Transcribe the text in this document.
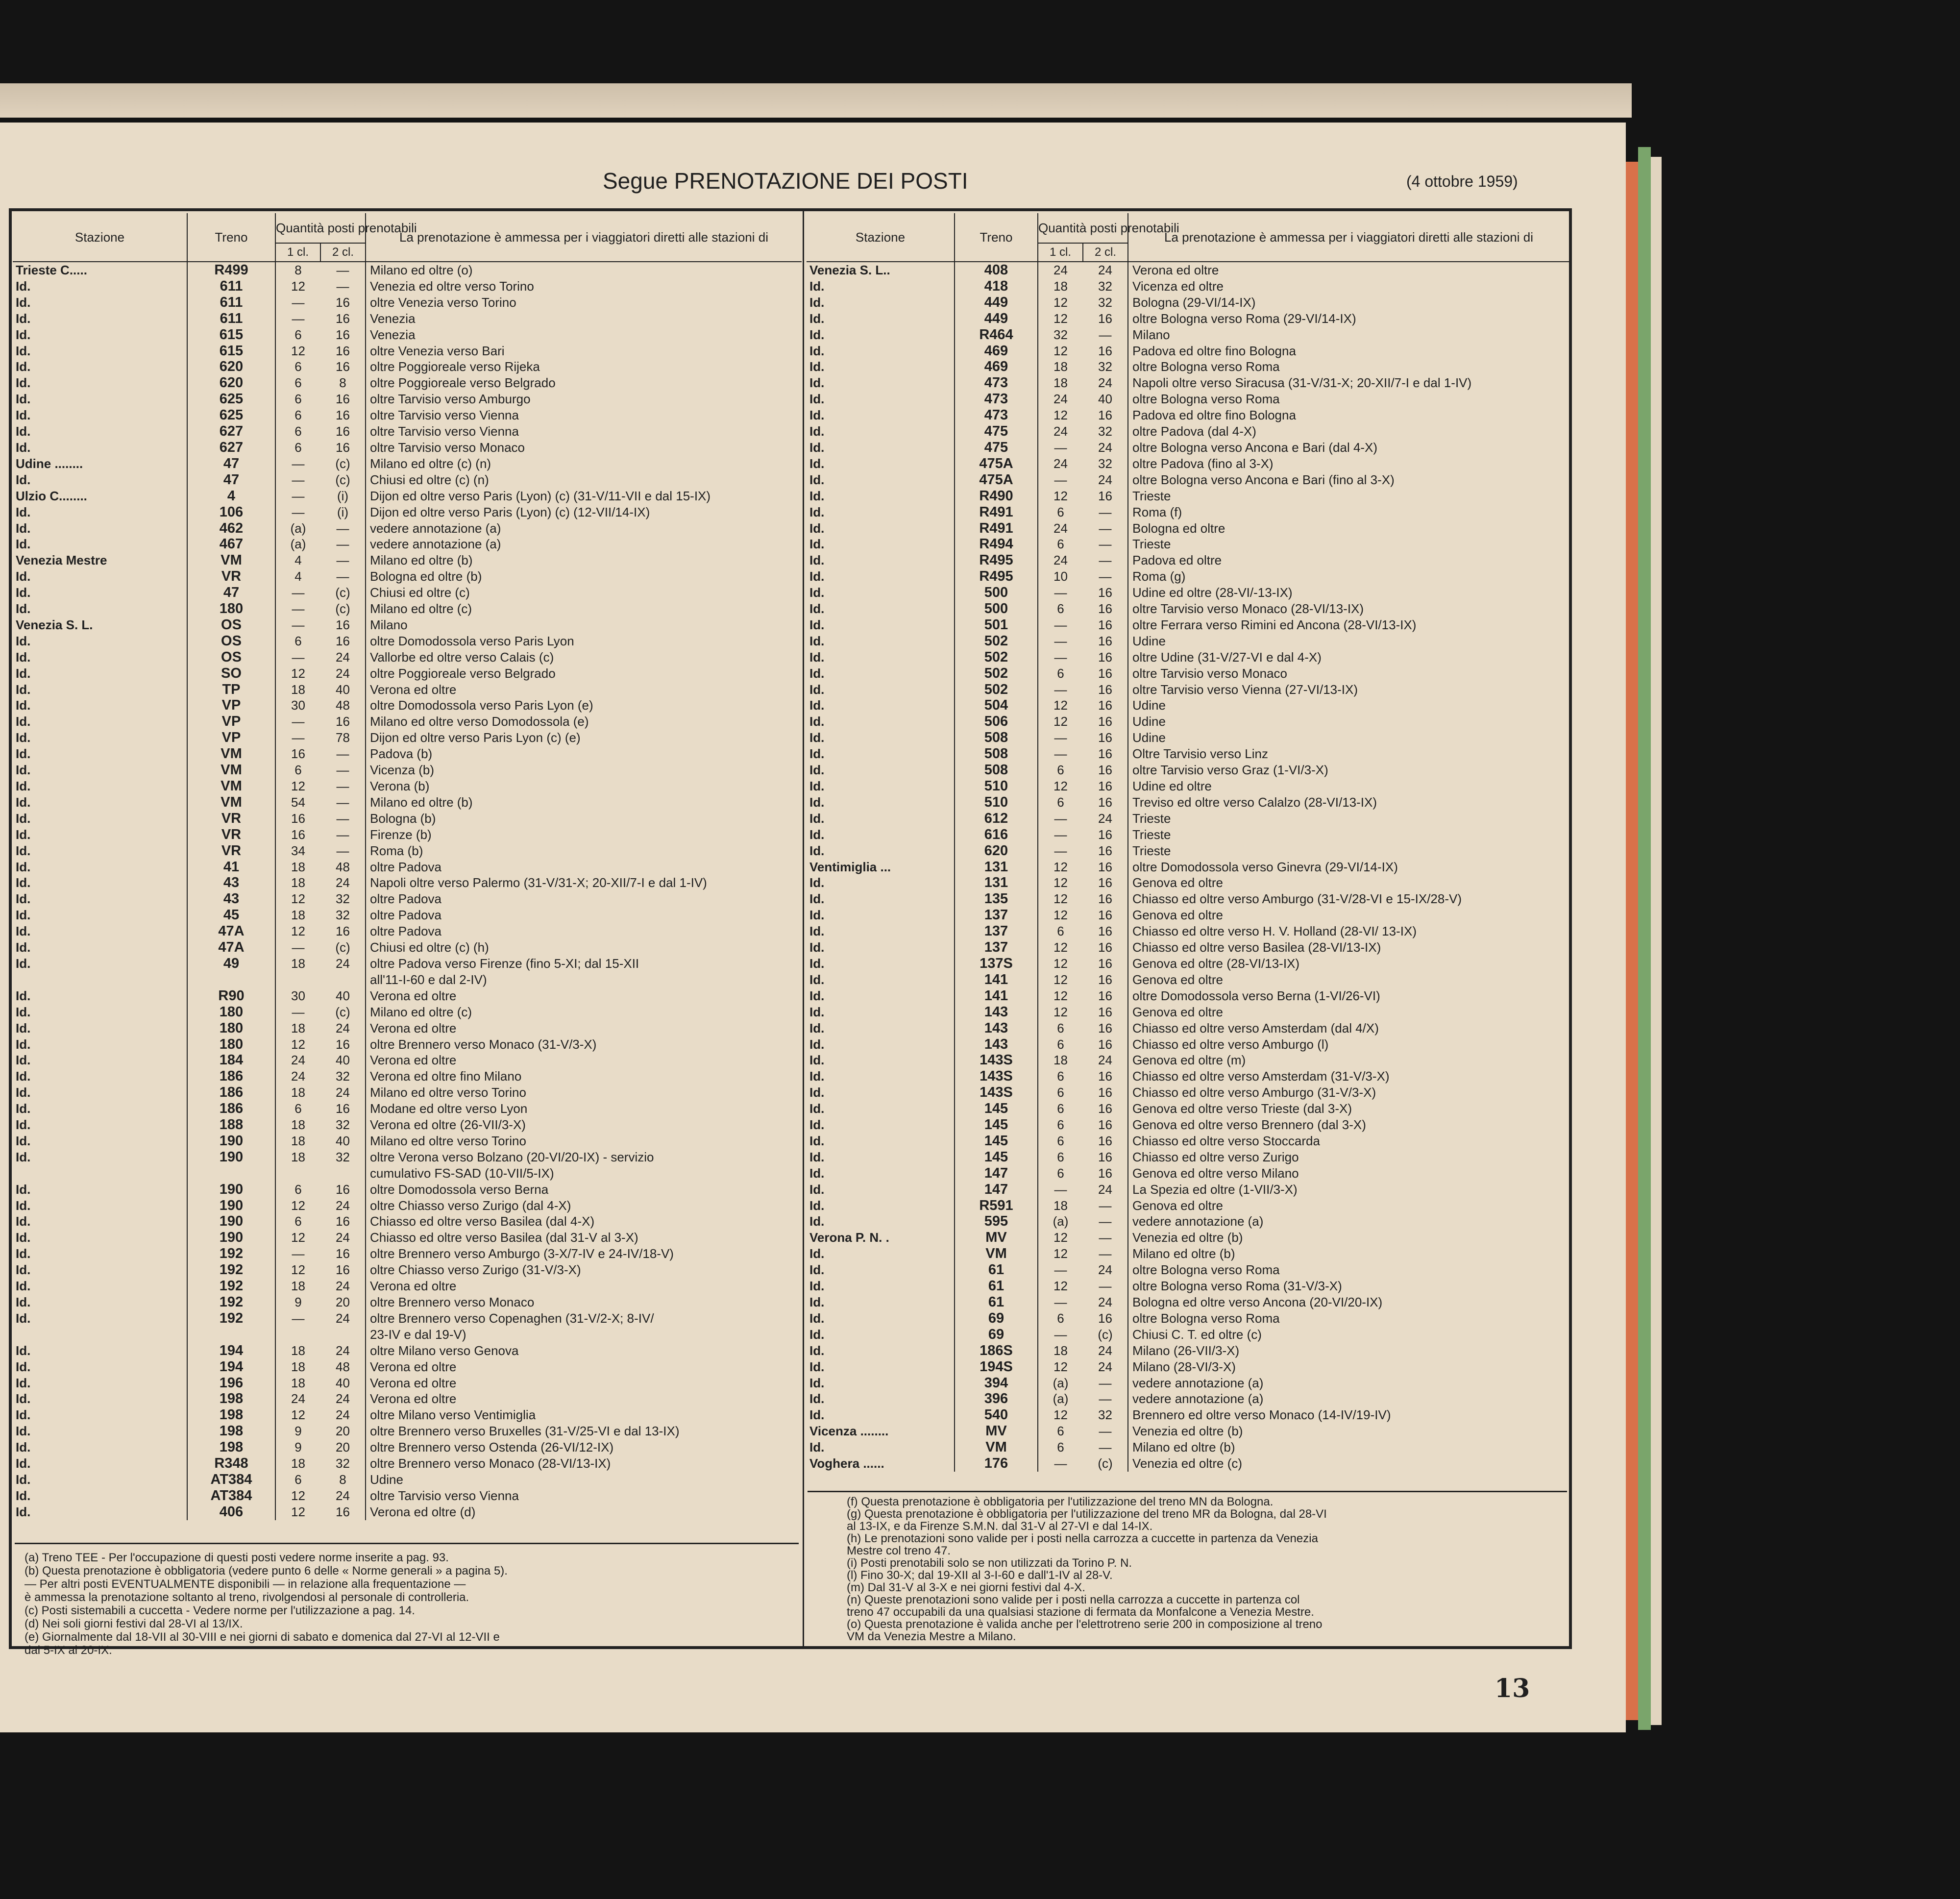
Segue PRENOTAZIONE DEI POSTI	(4 ottobre 1959)
Stazione	Treno	Quantità posti prenotabili		La prenotazione è ammessa per i viaggiatori diretti alle stazioni di
		1 cl.	2 cl.	
Trieste C.....	R499	8	—	Milano ed oltre (o)
Id.	611	12	—	Venezia ed oltre verso Torino
Id.	611	—	16	oltre Venezia verso Torino
Id.	611	—	16	Venezia
Id.	615	6	16	Venezia
Id.	615	12	16	oltre Venezia verso Bari
Id.	620	6	16	oltre Poggioreale verso Rijeka
Id.	620	6	8	oltre Poggioreale verso Belgrado
Id.	625	6	16	oltre Tarvisio verso Amburgo
Id.	625	6	16	oltre Tarvisio verso Vienna
Id.	627	6	16	oltre Tarvisio verso Vienna
Id.	627	6	16	oltre Tarvisio verso Monaco
Udine ........	47	—	(c)	Milano ed oltre (c) (n)
Id.	47	—	(c)	Chiusi ed oltre (c) (n)
Ulzio C........	4	—	(i)	Dijon ed oltre verso Paris (Lyon) (c) (31-V/11-VII e dal 15-IX)
Id.	106	—	(i)	Dijon ed oltre verso Paris (Lyon) (c) (12-VII/14-IX)
Id.	462	(a)	—	vedere annotazione (a)
Id.	467	(a)	—	vedere annotazione (a)
Venezia Mestre	VM	4	—	Milano ed oltre (b)
Id.	VR	4	—	Bologna ed oltre (b)
Id.	47	—	(c)	Chiusi ed oltre (c)
Id.	180	—	(c)	Milano ed oltre (c)
Venezia S. L.	OS	—	16	Milano
Id.	OS	6	16	oltre Domodossola verso Paris Lyon
Id.	OS	—	24	Vallorbe ed oltre verso Calais (c)
Id.	SO	12	24	oltre Poggioreale verso Belgrado
Id.	TP	18	40	Verona ed oltre
Id.	VP	30	48	oltre Domodossola verso Paris Lyon (e)
Id.	VP	—	16	Milano ed oltre verso Domodossola (e)
Id.	VP	—	78	Dijon ed oltre verso Paris Lyon (c) (e)
Id.	VM	16	—	Padova (b)
Id.	VM	6	—	Vicenza (b)
Id.	VM	12	—	Verona (b)
Id.	VM	54	—	Milano ed oltre (b)
Id.	VR	16	—	Bologna (b)
Id.	VR	16	—	Firenze (b)
Id.	VR	34	—	Roma (b)
Id.	41	18	48	oltre Padova
Id.	43	18	24	Napoli oltre verso Palermo (31-V/31-X; 20-XII/7-I e dal 1-IV)
Id.	43	12	32	oltre Padova
Id.	45	18	32	oltre Padova
Id.	47A	12	16	oltre Padova
Id.	47A	—	(c)	Chiusi ed oltre (c) (h)
Id.	49	18	24	oltre Padova verso Firenze (fino 5-XI; dal 15-XII
				all'11-I-60 e dal 2-IV)
Id.	R90	30	40	Verona ed oltre
Id.	180	—	(c)	Milano ed oltre (c)
Id.	180	18	24	Verona ed oltre
Id.	180	12	16	oltre Brennero verso Monaco (31-V/3-X)
Id.	184	24	40	Verona ed oltre
Id.	186	24	32	Verona ed oltre fino Milano
Id.	186	18	24	Milano ed oltre verso Torino
Id.	186	6	16	Modane ed oltre verso Lyon
Id.	188	18	32	Verona ed oltre (26-VII/3-X)
Id.	190	18	40	Milano ed oltre verso Torino
Id.	190	18	32	oltre Verona verso Bolzano (20-VI/20-IX) - servizio
				cumulativo FS-SAD (10-VII/5-IX)
Id.	190	6	16	oltre Domodossola verso Berna
Id.	190	12	24	oltre Chiasso verso Zurigo (dal 4-X)
Id.	190	6	16	Chiasso ed oltre verso Basilea (dal 4-X)
Id.	190	12	24	Chiasso ed oltre verso Basilea (dal 31-V al 3-X)
Id.	192	—	16	oltre Brennero verso Amburgo (3-X/7-IV e 24-IV/18-V)
Id.	192	12	16	oltre Chiasso verso Zurigo (31-V/3-X)
Id.	192	18	24	Verona ed oltre
Id.	192	9	20	oltre Brennero verso Monaco
Id.	192	—	24	oltre Brennero verso Copenaghen (31-V/2-X; 8-IV/
				23-IV e dal 19-V)
Id.	194	18	24	oltre Milano verso Genova
Id.	194	18	48	Verona ed oltre
Id.	196	18	40	Verona ed oltre
Id.	198	24	24	Verona ed oltre
Id.	198	12	24	oltre Milano verso Ventimiglia
Id.	198	9	20	oltre Brennero verso Bruxelles (31-V/25-VI e dal 13-IX)
Id.	198	9	20	oltre Brennero verso Ostenda (26-VI/12-IX)
Id.	R348	18	32	oltre Brennero verso Monaco (28-VI/13-IX)
Id.	AT384	6	8	Udine
Id.	AT384	12	24	oltre Tarvisio verso Vienna
Id.	406	12	16	Verona ed oltre (d)
Stazione	Treno	Quantità posti prenotabili		La prenotazione è ammessa per i viaggiatori diretti alle stazioni di
		1 cl.	2 cl.	
Venezia S. L..	408	24	24	Verona ed oltre
Id.	418	18	32	Vicenza ed oltre
Id.	449	12	32	Bologna (29-VI/14-IX)
Id.	449	12	16	oltre Bologna verso Roma (29-VI/14-IX)
Id.	R464	32	—	Milano
Id.	469	12	16	Padova ed oltre fino Bologna
Id.	469	18	32	oltre Bologna verso Roma
Id.	473	18	24	Napoli oltre verso Siracusa (31-V/31-X; 20-XII/7-I e dal 1-IV)
Id.	473	24	40	oltre Bologna verso Roma
Id.	473	12	16	Padova ed oltre fino Bologna
Id.	475	24	32	oltre Padova (dal 4-X)
Id.	475	—	24	oltre Bologna verso Ancona e Bari (dal 4-X)
Id.	475A	24	32	oltre Padova (fino al 3-X)
Id.	475A	—	24	oltre Bologna verso Ancona e Bari (fino al 3-X)
Id.	R490	12	16	Trieste
Id.	R491	6	—	Roma (f)
Id.	R491	24	—	Bologna ed oltre
Id.	R494	6	—	Trieste
Id.	R495	24	—	Padova ed oltre
Id.	R495	10	—	Roma (g)
Id.	500	—	16	Udine ed oltre (28-VI/-13-IX)
Id.	500	6	16	oltre Tarvisio verso Monaco (28-VI/13-IX)
Id.	501	—	16	oltre Ferrara verso Rimini ed Ancona (28-VI/13-IX)
Id.	502	—	16	Udine
Id.	502	—	16	oltre Udine (31-V/27-VI e dal 4-X)
Id.	502	6	16	oltre Tarvisio verso Monaco
Id.	502	—	16	oltre Tarvisio verso Vienna (27-VI/13-IX)
Id.	504	12	16	Udine
Id.	506	12	16	Udine
Id.	508	—	16	Udine
Id.	508	—	16	Oltre Tarvisio verso Linz
Id.	508	6	16	oltre Tarvisio verso Graz (1-VI/3-X)
Id.	510	12	16	Udine ed oltre
Id.	510	6	16	Treviso ed oltre verso Calalzo (28-VI/13-IX)
Id.	612	—	24	Trieste
Id.	616	—	16	Trieste
Id.	620	—	16	Trieste
Ventimiglia ...	131	12	16	oltre Domodossola verso Ginevra (29-VI/14-IX)
Id.	131	12	16	Genova ed oltre
Id.	135	12	16	Chiasso ed oltre verso Amburgo (31-V/28-VI e 15-IX/28-V)
Id.	137	12	16	Genova ed oltre
Id.	137	6	16	Chiasso ed oltre verso H. V. Holland (28-VI/ 13-IX)
Id.	137	12	16	Chiasso ed oltre verso Basilea (28-VI/13-IX)
Id.	137S	12	16	Genova ed oltre (28-VI/13-IX)
Id.	141	12	16	Genova ed oltre
Id.	141	12	16	oltre Domodossola verso Berna (1-VI/26-VI)
Id.	143	12	16	Genova ed oltre
Id.	143	6	16	Chiasso ed oltre verso Amsterdam (dal 4/X)
Id.	143	6	16	Chiasso ed oltre verso Amburgo (l)
Id.	143S	18	24	Genova ed oltre (m)
Id.	143S	6	16	Chiasso ed oltre verso Amsterdam (31-V/3-X)
Id.	143S	6	16	Chiasso ed oltre verso Amburgo (31-V/3-X)
Id.	145	6	16	Genova ed oltre verso Trieste (dal 3-X)
Id.	145	6	16	Genova ed oltre verso Brennero (dal 3-X)
Id.	145	6	16	Chiasso ed oltre verso Stoccarda
Id.	145	6	16	Chiasso ed oltre verso Zurigo
Id.	147	6	16	Genova ed oltre verso Milano
Id.	147	—	24	La Spezia ed oltre (1-VII/3-X)
Id.	R591	18	—	Genova ed oltre
Id.	595	(a)	—	vedere annotazione (a)
Verona P. N. .	MV	12	—	Venezia ed oltre (b)
Id.	VM	12	—	Milano ed oltre (b)
Id.	61	—	24	oltre Bologna verso Roma
Id.	61	12	—	oltre Bologna verso Roma (31-V/3-X)
Id.	61	—	24	Bologna ed oltre verso Ancona (20-VI/20-IX)
Id.	69	6	16	oltre Bologna verso Roma
Id.	69	—	(c)	Chiusi C. T. ed oltre (c)
Id.	186S	18	24	Milano (26-VII/3-X)
Id.	194S	12	24	Milano (28-VI/3-X)
Id.	394	(a)	—	vedere annotazione (a)
Id.	396	(a)	—	vedere annotazione (a)
Id.	540	12	32	Brennero ed oltre verso Monaco (14-IV/19-IV)
Vicenza ........	MV	6	—	Venezia ed oltre (b)
Id.	VM	6	—	Milano ed oltre (b)
Voghera ......	176	—	(c)	Venezia ed oltre (c)

(a) Treno TEE - Per l'occupazione di questi posti vedere norme inserite a pag. 93.

(b) Questa prenotazione è obbligatoria (vedere punto 6 delle « Norme generali » a pagina 5).

— Per altri posti EVENTUALMENTE disponibili — in relazione alla frequentazione —

è ammessa la prenotazione soltanto al treno, rivolgendosi al personale di controlleria.

(c) Posti sistemabili a cuccetta - Vedere norme per l'utilizzazione a pag. 14.

(d) Nei soli giorni festivi dal 28-VI al 13/IX.

(e) Giornalmente dal 18-VII al 30-VIII e nei giorni di sabato e domenica dal 27-VI al 12-VII e

dal 5-IX al 20-IX.

(f) Questa prenotazione è obbligatoria per l'utilizzazione del treno MN da Bologna.

(g) Questa prenotazione è obbligatoria per l'utilizzazione del treno MR da Bologna, dal 28-VI

al 13-IX, e da Firenze S.M.N. dal 31-V al 27-VI e dal 14-IX.

(h) Le prenotazioni sono valide per i posti nella carrozza a cuccette in partenza da Venezia

Mestre col treno 47.

(i) Posti prenotabili solo se non utilizzati da Torino P. N.

(l) Fino 30-X; dal 19-XII al 3-I-60 e dall'1-IV al 28-V.

(m) Dal 31-V al 3-X e nei giorni festivi dal 4-X.

(n) Queste prenotazioni sono valide per i posti nella carrozza a cuccette in partenza col

treno 47 occupabili da una qualsiasi stazione di fermata da Monfalcone a Venezia Mestre.

(o) Questa prenotazione è valida anche per l'elettrotreno serie 200 in composizione al treno

VM da Venezia Mestre a Milano.

13
